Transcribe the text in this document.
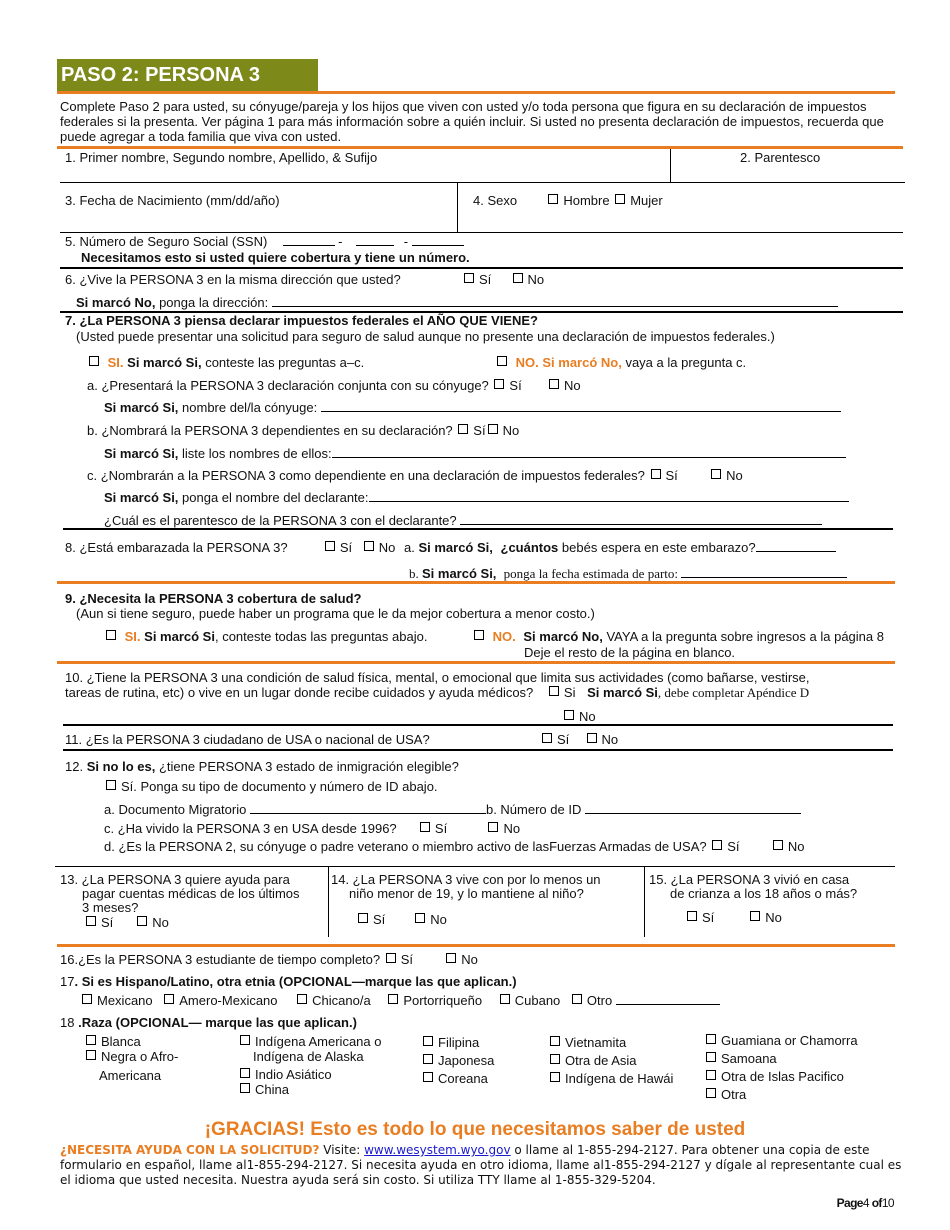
PASO 2: PERSONA 3
Complete Paso 2 para usted, su cónyuge/pareja y los hijos que viven con usted y/o toda persona que figura en su declaración de impuestos federales si la presenta. Ver página 1 para más información sobre a quién incluir. Si usted no presenta declaración de impuestos, recuerda que puede agregar a toda familia que viva con usted.
1. Primer nombre, Segundo nombre, Apellido, & Sufijo	2. Parentesco
3. Fecha de Nacimiento (mm/dd/año)	4. Sexo	Hombre Mujer
5. Número de Seguro Social (SSN)	-	-
Necesitamos esto si usted quiere cobertura y tiene un número.
6. ¿Vive la PERSONA 3 en la misma dirección que usted?	Sí	No
Si marcó No, ponga la dirección:
7. ¿La PERSONA 3 piensa declarar impuestos federales el AÑO QUE VIENE?
(Usted puede presentar una solicitud para seguro de salud aunque no presente una declaración de impuestos federales.)
SI. Si marcó Si, conteste las preguntas a–c.	NO. Si marcó No, vaya a la pregunta c.
a. ¿Presentará la PERSONA 3 declaración conjunta con su cónyuge? Sí	No
Si marcó Si, nombre del/la cónyuge:
b. ¿Nombrará la PERSONA 3 dependientes en su declaración? Sí No
Si marcó Si, liste los nombres de ellos:
c. ¿Nombrarán a la PERSONA 3 como dependiente en una declaración de impuestos federales? Sí	No
Si marcó Si, ponga el nombre del declarante:
¿Cuál es el parentesco de la PERSONA 3 con el declarante?
8. ¿Está embarazada la PERSONA 3?	Sí No a. Si marcó Si, ¿cuántos bebés espera en este embarazo?
b. Si marcó Si, ponga la fecha estimada de parto:
9. ¿Necesita la PERSONA 3 cobertura de salud?
(Aun si tiene seguro, puede haber un programa que le da mejor cobertura a menor costo.)
SI. Si marcó Si, conteste todas las preguntas abajo.	NO. Si marcó No, VAYA a la pregunta sobre ingresos a la página 8
Deje el resto de la página en blanco.
10. ¿Tiene la PERSONA 3 una condición de salud física, mental, o emocional que limita sus actividades (como bañarse, vestirse,
tareas de rutina, etc) o vive en un lugar donde recibe cuidados y ayuda médicos? Si Si marcó Si, debe completar Apéndice D
No
11. ¿Es la PERSONA 3 ciudadano de USA o nacional de USA?	Sí No
12. Si no lo es, ¿tiene PERSONA 3 estado de inmigración elegible?
Sí. Ponga su tipo de documento y número de ID abajo.
a. Documento Migratorio	b. Número de ID
c. ¿Ha vivido la PERSONA 3 en USA desde 1996?	Sí	No
d. ¿Es la PERSONA 2, su cónyuge o padre veterano o miembro activo de lasFuerzas Armadas de USA? Sí	No
13. ¿La PERSONA 3 quiere ayuda para
pagar cuentas médicas de los últimos
3 meses?
Sí	No
14. ¿La PERSONA 3 vive con por lo menos un
niño menor de 19, y lo mantiene al niño?
Sí	No
15. ¿La PERSONA 3 vivió en casa
de crianza a los 18 años o más?
Sí	No
16.¿Es la PERSONA 3 estudiante de tiempo completo? Sí	No
17. Si es Hispano/Latino, otra etnia (OPCIONAL—marque las que aplican.)
Mexicano Amero-Mexicano	Chicano/a	Portorriqueño	Cubano Otro
18 .Raza (OPCIONAL— marque las que aplican.)
Blanca
Negra o Afro-
Americana
Indígena Americana o
Indígena de Alaska
Indio Asiático
China
Filipina
Japonesa
Coreana
Vietnamita
Otra de Asia
Indígena de Hawái
Guamiana or Chamorra
Samoana
Otra de Islas Pacifico
Otra
¡GRACIAS! Esto es todo lo que necesitamos saber de usted
¿NECESITA AYUDA CON LA SOLICITUD? Visite: www.wesystem.wyo.gov o llame al 1-855-294-2127. Para obtener una copia de este formulario en español, llame al1-855-294-2127. Si necesita ayuda en otro idioma, llame al1-855-294-2127 y dígale al representante cual es el idioma que usted necesita. Nuestra ayuda será sin costo. Si utiliza TTY llame al 1-855-329-5204.
Page4 of10
